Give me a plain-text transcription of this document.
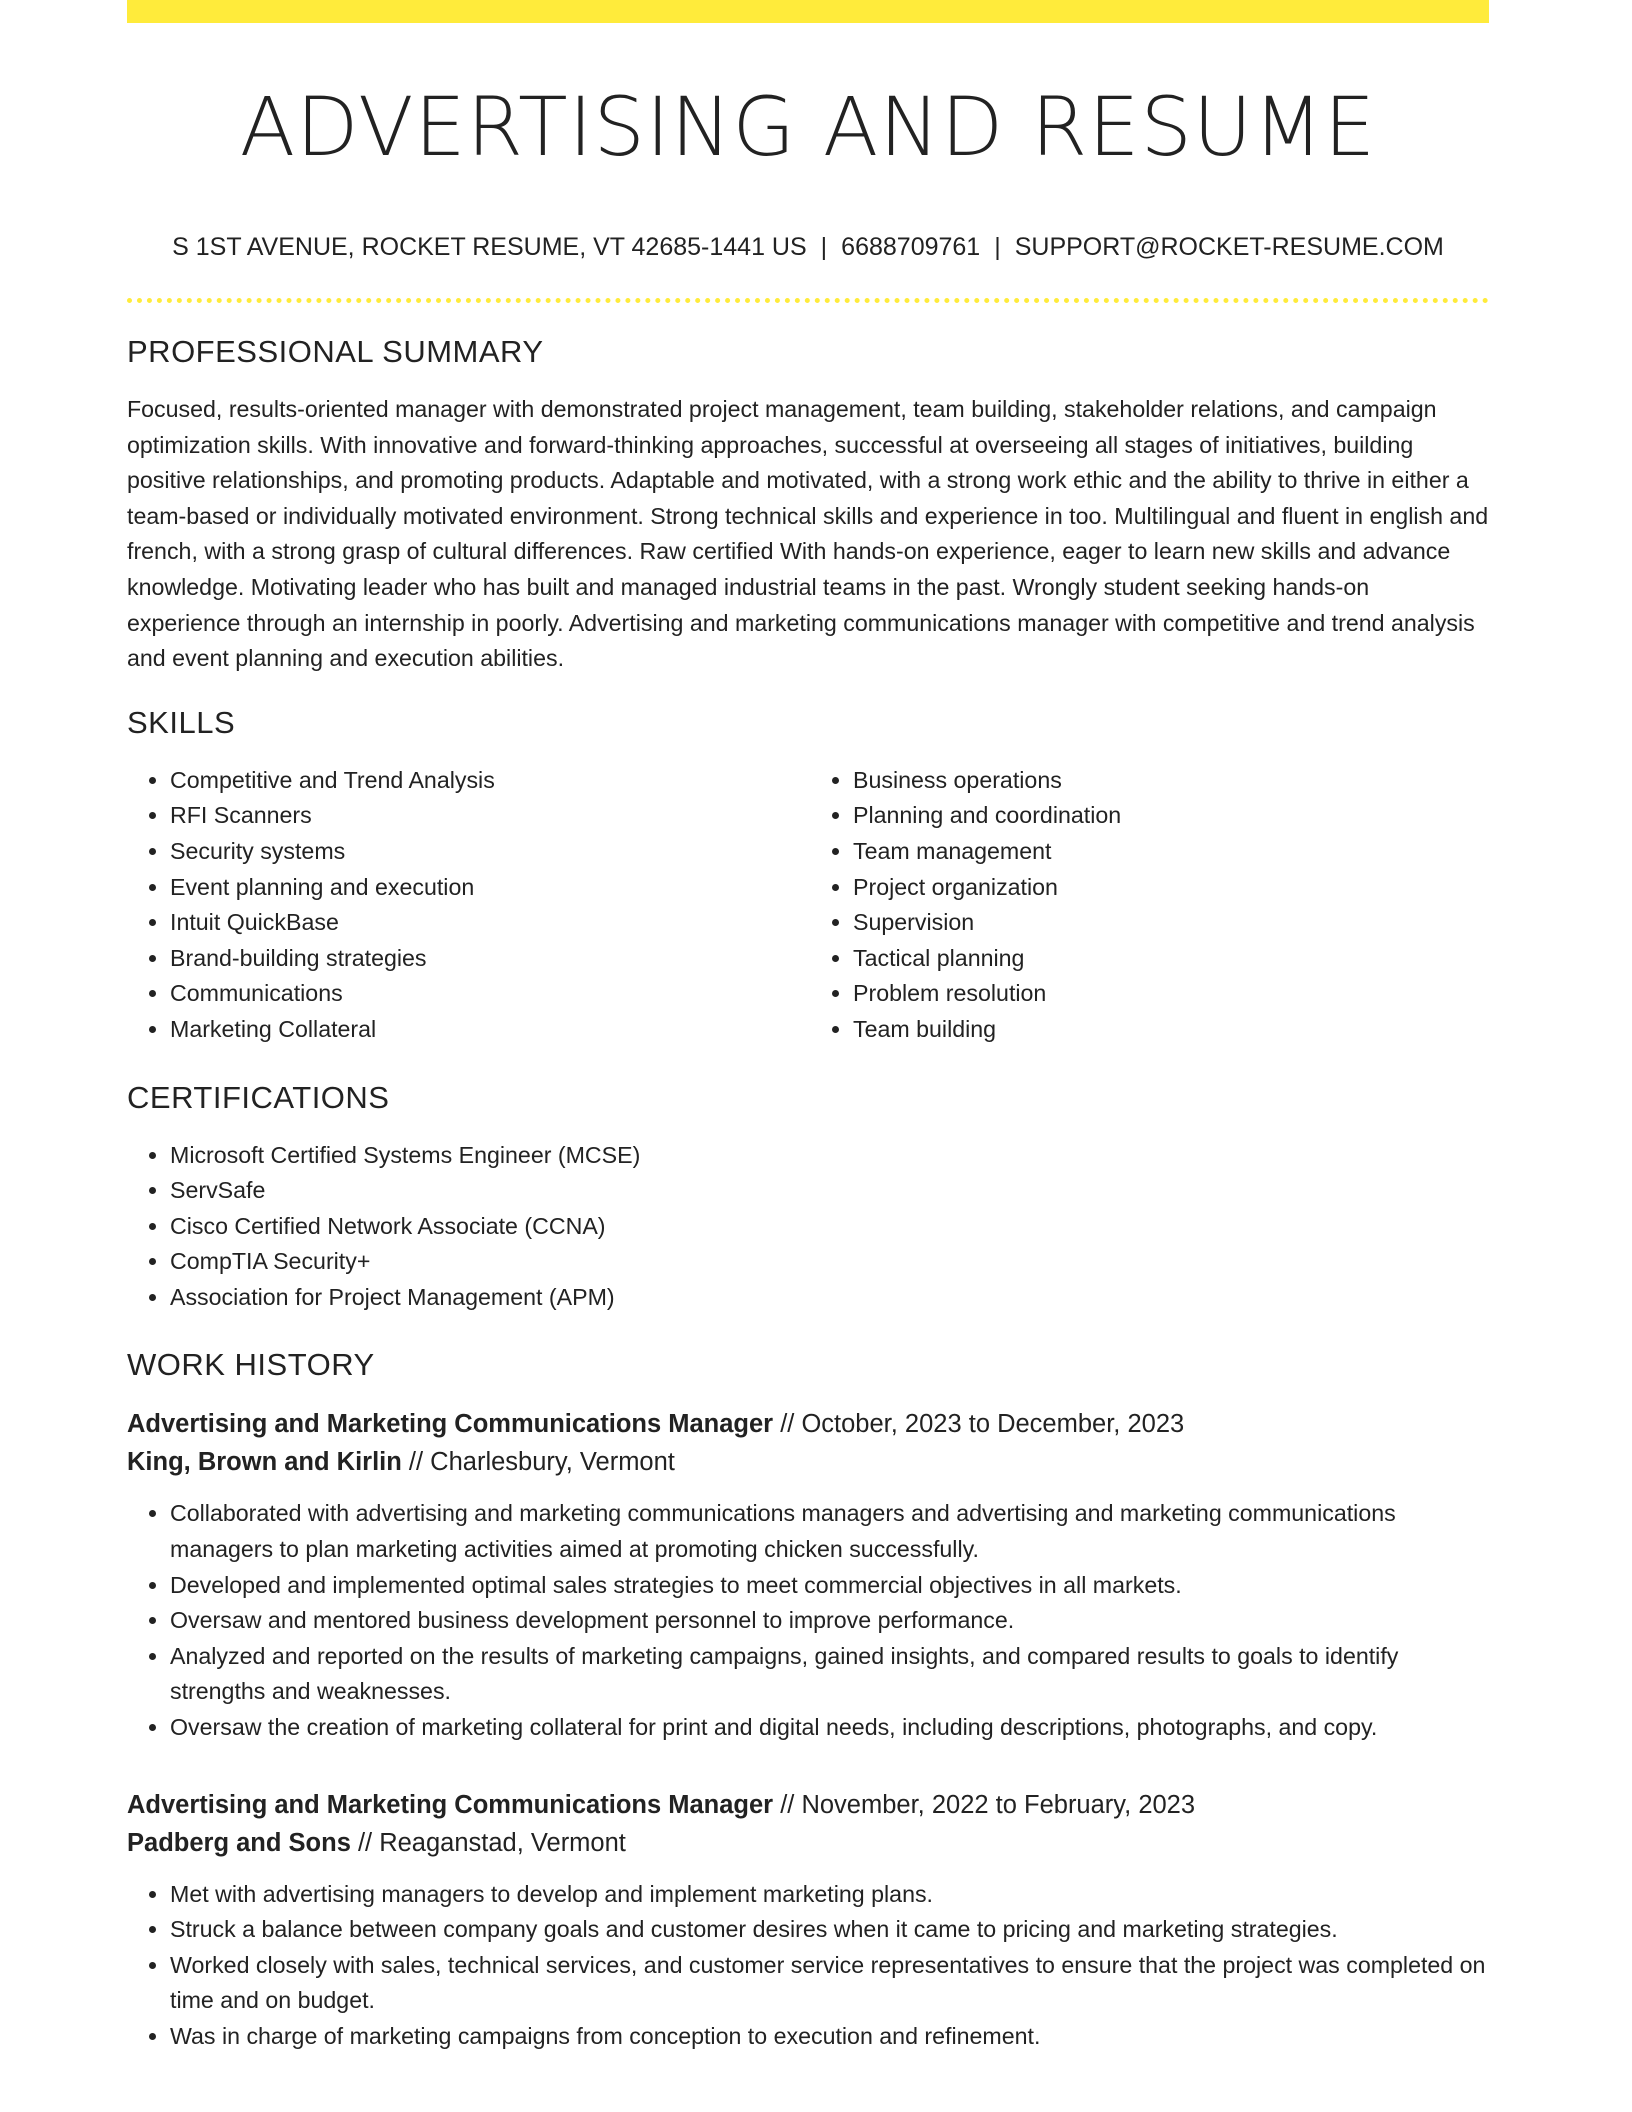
ADVERTISING AND RESUME
S 1ST AVENUE, ROCKET RESUME, VT 42685-1441 US | 6688709761 | SUPPORT@ROCKET-RESUME.COM
PROFESSIONAL SUMMARY

Focused, results-oriented manager with demonstrated project management, team building, stakeholder relations, and campaign optimization skills. With innovative and forward-thinking approaches, successful at overseeing all stages of initiatives, building positive relationships, and promoting products. Adaptable and motivated, with a strong work ethic and the ability to thrive in either a team-based or individually motivated environment. Strong technical skills and experience in too. Multilingual and fluent in english and french, with a strong grasp of cultural differences. Raw certified With hands-on experience, eager to learn new skills and advance knowledge. Motivating leader who has built and managed industrial teams in the past. Wrongly student seeking hands-on experience through an internship in poorly. Advertising and marketing communications manager with competitive and trend analysis and event planning and execution abilities.

SKILLS
• Competitive and Trend Analysis
• RFI Scanners
• Security systems
• Event planning and execution
• Intuit QuickBase
• Brand-building strategies
• Communications
• Marketing Collateral
• Business operations
• Planning and coordination
• Team management
• Project organization
• Supervision
• Tactical planning
• Problem resolution
• Team building
CERTIFICATIONS
• Microsoft Certified Systems Engineer (MCSE)
• ServSafe
• Cisco Certified Network Associate (CCNA)
• CompTIA Security+
• Association for Project Management (APM)
WORK HISTORY
Advertising and Marketing Communications Manager // October, 2023 to December, 2023
King, Brown and Kirlin // Charlesbury, Vermont
• Collaborated with advertising and marketing communications managers and advertising and marketing communications managers to plan marketing activities aimed at promoting chicken successfully.
• Developed and implemented optimal sales strategies to meet commercial objectives in all markets.
• Oversaw and mentored business development personnel to improve performance.
• Analyzed and reported on the results of marketing campaigns, gained insights, and compared results to goals to identify strengths and weaknesses.
• Oversaw the creation of marketing collateral for print and digital needs, including descriptions, photographs, and copy.
Advertising and Marketing Communications Manager // November, 2022 to February, 2023
Padberg and Sons // Reaganstad, Vermont
• Met with advertising managers to develop and implement marketing plans.
• Struck a balance between company goals and customer desires when it came to pricing and marketing strategies.
• Worked closely with sales, technical services, and customer service representatives to ensure that the project was completed on time and on budget.
• Was in charge of marketing campaigns from conception to execution and refinement.
